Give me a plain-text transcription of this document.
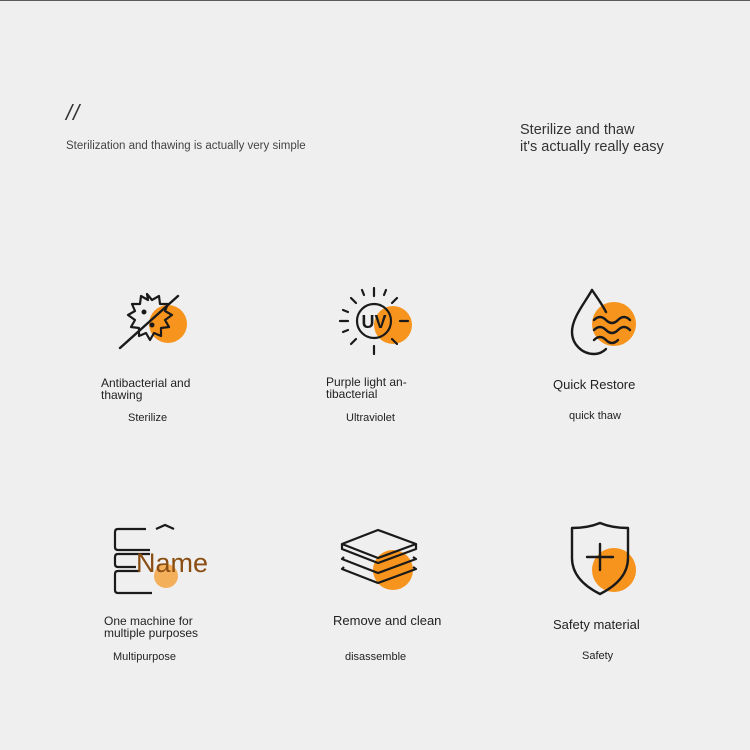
//
Sterilization and thawing is actually very simple
Sterilize and thaw
it's actually really easy
Antibacterial and thawing
Sterilize
UV
Purple light an-tibacterial
Ultraviolet
Quick Restore
quick thaw
Name
One machine for multiple purposes
Multipurpose
Remove and clean
disassemble
Safety material
Safety
